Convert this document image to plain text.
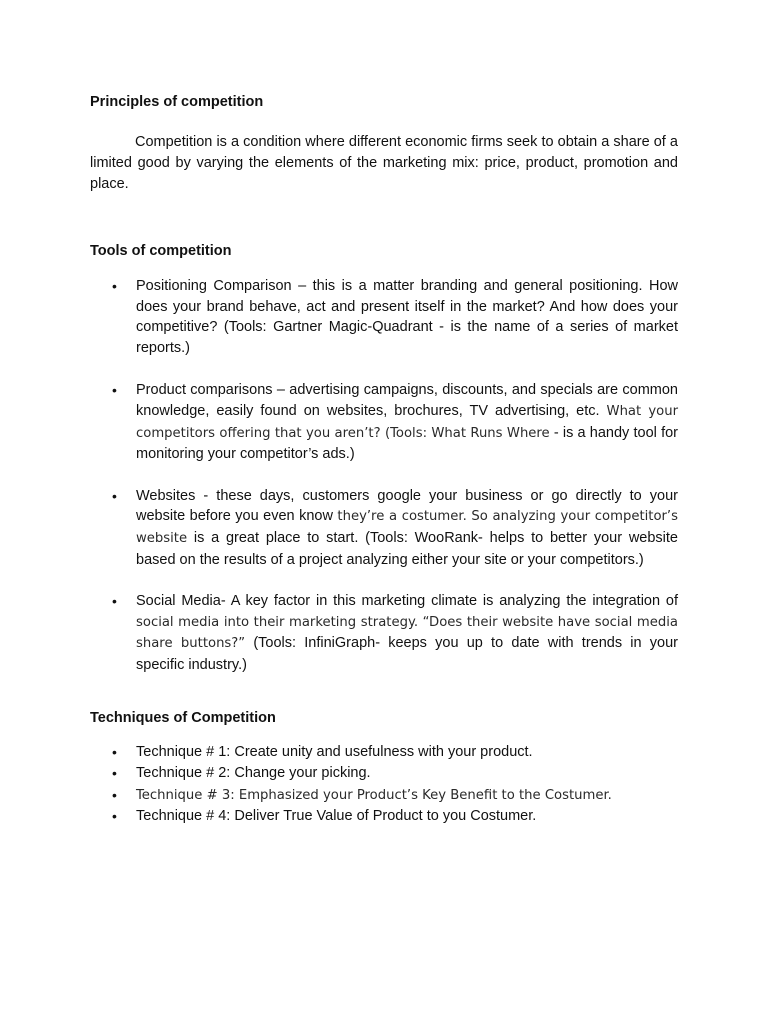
Principles of competition

Competition is a condition where different economic firms seek to obtain a share of a limited good by varying the elements of the marketing mix: price, product, promotion and place.

Tools of competition

• Positioning Comparison – this is a matter branding and general positioning. How does your brand behave, act and present itself in the market? And how does your competitive? (Tools: Gartner Magic-Quadrant - is the name of a series of market reports.)
• Product comparisons – advertising campaigns, discounts, and specials are common knowledge, easily found on websites, brochures, TV advertising, etc. What your competitors offering that you aren’t? (Tools: What Runs Where - is a handy tool for monitoring your competitor’s ads.)
• Websites - these days, customers google your business or go directly to your website before you even know they’re a costumer. So analyzing your competitor’s website is a great place to start. (Tools: WooRank- helps to better your website based on the results of a project analyzing either your site or your competitors.)
• Social Media- A key factor in this marketing climate is analyzing the integration of social media into their marketing strategy. “Does their website have social media share buttons?” (Tools: InfiniGraph- keeps you up to date with trends in your specific industry.)

Techniques of Competition

• Technique # 1: Create unity and usefulness with your product.
• Technique # 2: Change your picking.
• Technique # 3: Emphasized your Product’s Key Benefit to the Costumer.
• Technique # 4: Deliver True Value of Product to you Costumer.
